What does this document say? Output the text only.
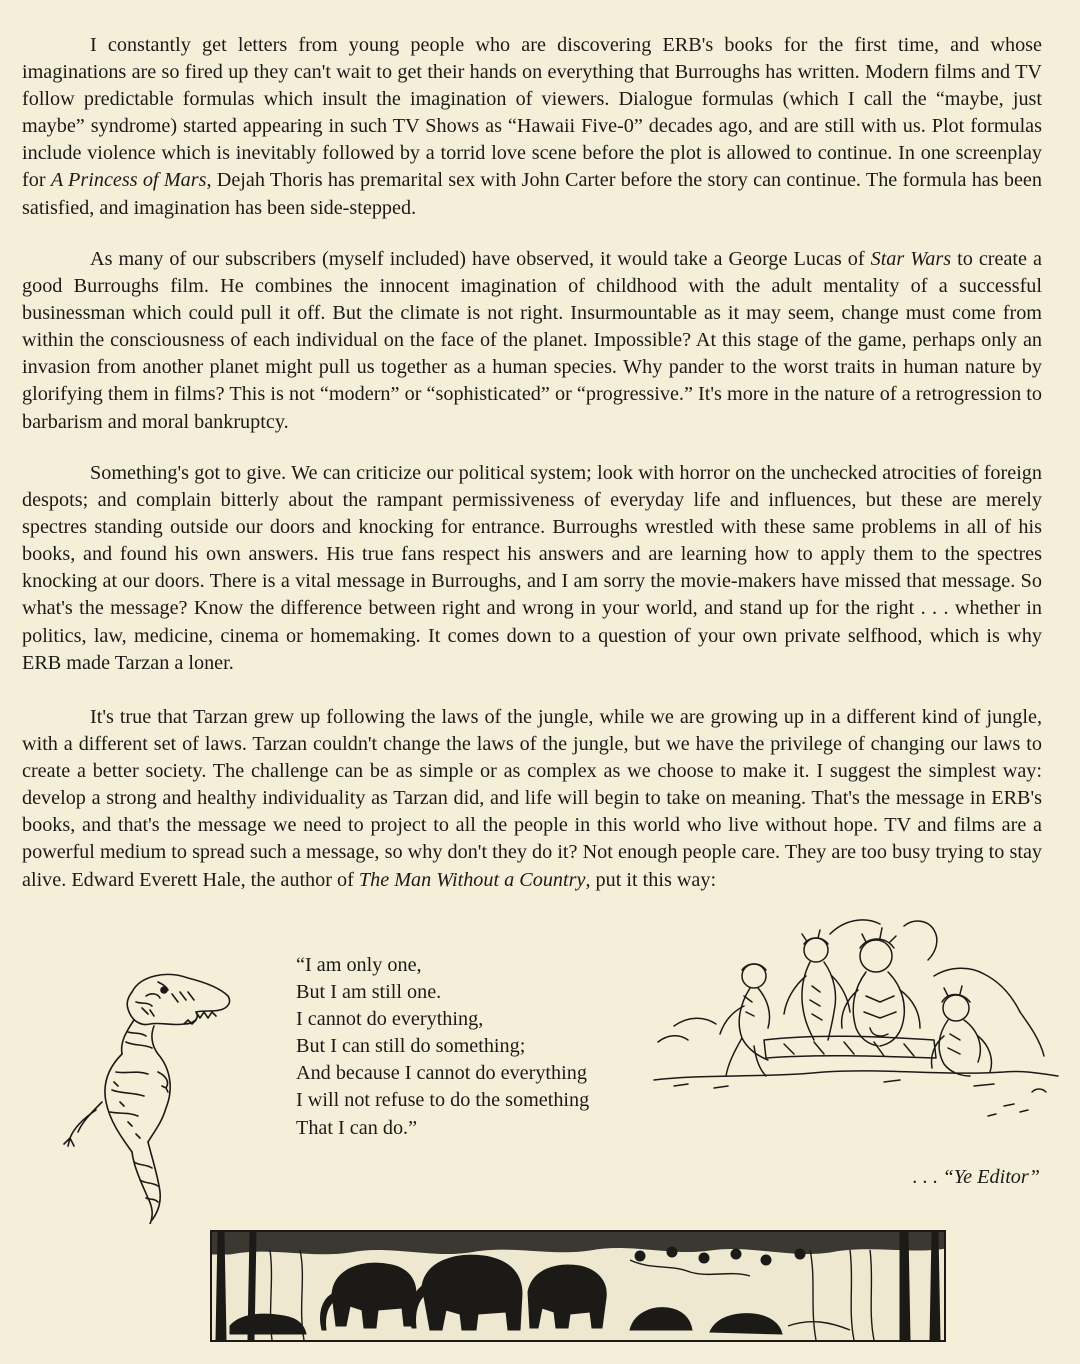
I constantly get letters from young people who are discovering ERB's books for the first time, and whose imaginations are so fired up they can't wait to get their hands on everything that Burroughs has written. Modern films and TV follow predictable formulas which insult the imagination of viewers. Dialogue formulas (which I call the “maybe, just maybe” syndrome) started appearing in such TV Shows as “Hawaii Five-0” decades ago, and are still with us. Plot formulas include violence which is inevitably followed by a torrid love scene before the plot is allowed to continue. In one screenplay for A Princess of Mars, Dejah Thoris has premarital sex with John Carter before the story can continue. The formula has been satisfied, and imagination has been side-stepped.

As many of our subscribers (myself included) have observed, it would take a George Lucas of Star Wars to create a good Burroughs film. He combines the innocent imagination of childhood with the adult mentality of a successful businessman which could pull it off. But the climate is not right. Insurmountable as it may seem, change must come from within the consciousness of each individual on the face of the planet. Impossible? At this stage of the game, perhaps only an invasion from another planet might pull us together as a human species. Why pander to the worst traits in human nature by glorifying them in films? This is not “modern” or “sophisticated” or “progressive.” It's more in the nature of a retrogression to barbarism and moral bankruptcy.

Something's got to give. We can criticize our political system; look with horror on the unchecked atrocities of foreign despots; and complain bitterly about the rampant permissiveness of everyday life and influences, but these are merely spectres standing outside our doors and knocking for entrance. Burroughs wrestled with these same problems in all of his books, and found his own answers. His true fans respect his answers and are learning how to apply them to the spectres knocking at our doors. There is a vital message in Burroughs, and I am sorry the movie-makers have missed that message. So what's the message? Know the difference between right and wrong in your world, and stand up for the right . . . whether in politics, law, medicine, cinema or homemaking. It comes down to a question of your own private selfhood, which is why ERB made Tarzan a loner.

It's true that Tarzan grew up following the laws of the jungle, while we are growing up in a different kind of jungle, with a different set of laws. Tarzan couldn't change the laws of the jungle, but we have the privilege of changing our laws to create a better society. The challenge can be as simple or as complex as we choose to make it. I suggest the simplest way: develop a strong and healthy individuality as Tarzan did, and life will begin to take on meaning. That's the message in ERB's books, and that's the message we need to project to all the people in this world who live without hope. TV and films are a powerful medium to spread such a message, so why don't they do it? Not enough people care. They are too busy trying to stay alive. Edward Everett Hale, the author of The Man Without a Country, put it this way:

“I am only one,
But I am still one.
I cannot do everything,
But I can still do something;
And because I cannot do everything
I will not refuse to do the something
That I can do.”
. . . “Ye Editor”
